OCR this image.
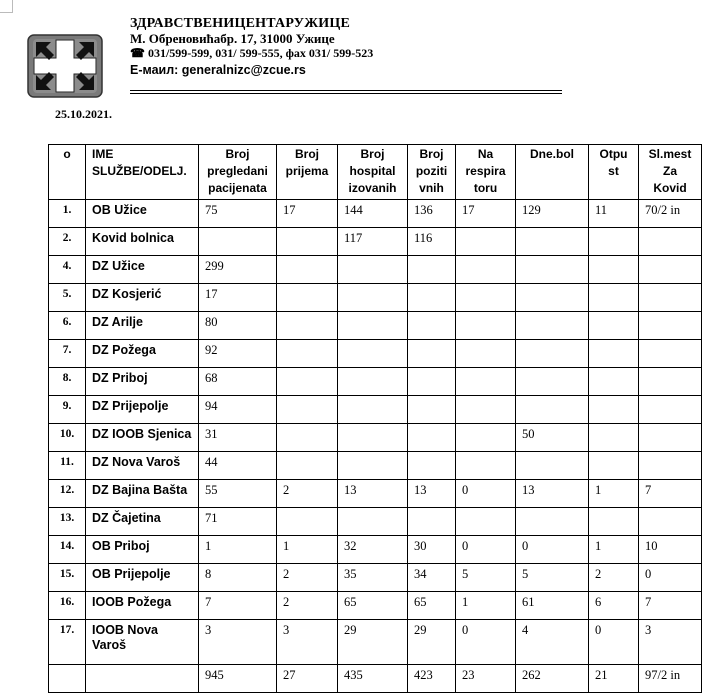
ЗДРАВСТВЕНИЦЕНТАРУЖИЦЕ
М. Обреновићабр. 17, 31000 Ужице
☎ 031/599-599, 031/ 599-555, фах 031/ 599-523
Е-маил: generalnizc@zcue.rs
25.10.2021.
o	IME SLUŽBE/ODELJ.	Broj pregledani pacijenata	Broj prijema	Broj hospital izovanih	Broj poziti vnih	Na respira toru	Dne.bol	Otpu st	Sl.mest Za Kovid
1.	OB Užice	75	17	144	136	17	129	11	70/2 in
2.	Kovid bolnica			117	116				
4.	DZ Užice	299							
5.	DZ Kosjerić	17							
6.	DZ Arilje	80							
7.	DZ Požega	92							
8.	DZ Priboj	68							
9.	DZ Prijepolje	94							
10.	DZ IOOB Sjenica	31					50		
11.	DZ Nova Varoš	44							
12.	DZ Bajina Bašta	55	2	13	13	0	13	1	7
13.	DZ Čajetina	71							
14.	OB Priboj	1	1	32	30	0	0	1	10
15.	OB Prijepolje	8	2	35	34	5	5	2	0
16.	IOOB Požega	7	2	65	65	1	61	6	7
17.	IOOB Nova Varoš	3	3	29	29	0	4	0	3
		945	27	435	423	23	262	21	97/2 in
